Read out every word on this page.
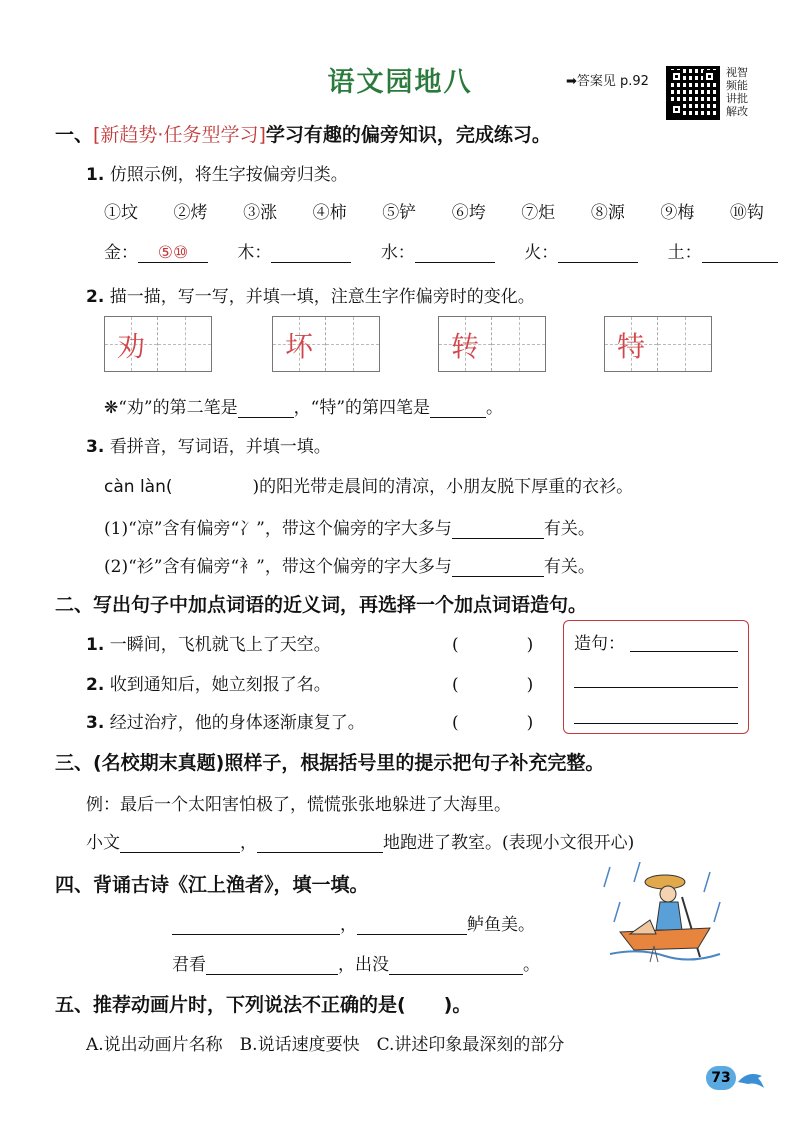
语文园地八	➡答案见 p.92
视智
频能
讲批
解改
一、[新趋势·任务型学习]学习有趣的偏旁知识，完成练习。
1. 仿照示例，将生字按偏旁归类。
①坟 ②烤 ③涨 ④柿 ⑤铲 ⑥垮 ⑦炬 ⑧源 ⑨梅 ⑩钩
金： ⑤⑩	木：	水：	火：	土：
2. 描一描，写一写，并填一填，注意生字作偏旁时的变化。
劝	坏	转	特
❋“劝”的第二笔是	，“特”的第四笔是	。
3. 看拼音，写词语，并填一填。
càn làn(	)的阳光带走晨间的清凉，小朋友脱下厚重的衣衫。
(1)“凉”含有偏旁“冫”，带这个偏旁的字大多与	有关。
(2)“衫”含有偏旁“衤”，带这个偏旁的字大多与	有关。
二、写出句子中加点词语的近义词，再选择一个加点词语造句。
1. 一瞬间，飞机就飞上了天空。	(　　　　)
2. 收到通知后，她立刻报了名。	(　　　　)
3. 经过治疗，他的身体逐渐康复了。	(　　　　)
造句：
三、(名校期末真题)照样子，根据括号里的提示把句子补充完整。
例：最后一个太阳害怕极了，慌慌张张地躲进了大海里。
小文	，	地跑进了教室。(表现小文很开心)
四、背诵古诗《江上渔者》，填一填。
，	鲈鱼美。
君看	，出没	。
五、推荐动画片时，下列说法不正确的是(　　)。
A.说出动画片名称　B.说话速度要快　C.讲述印象最深刻的部分
73
